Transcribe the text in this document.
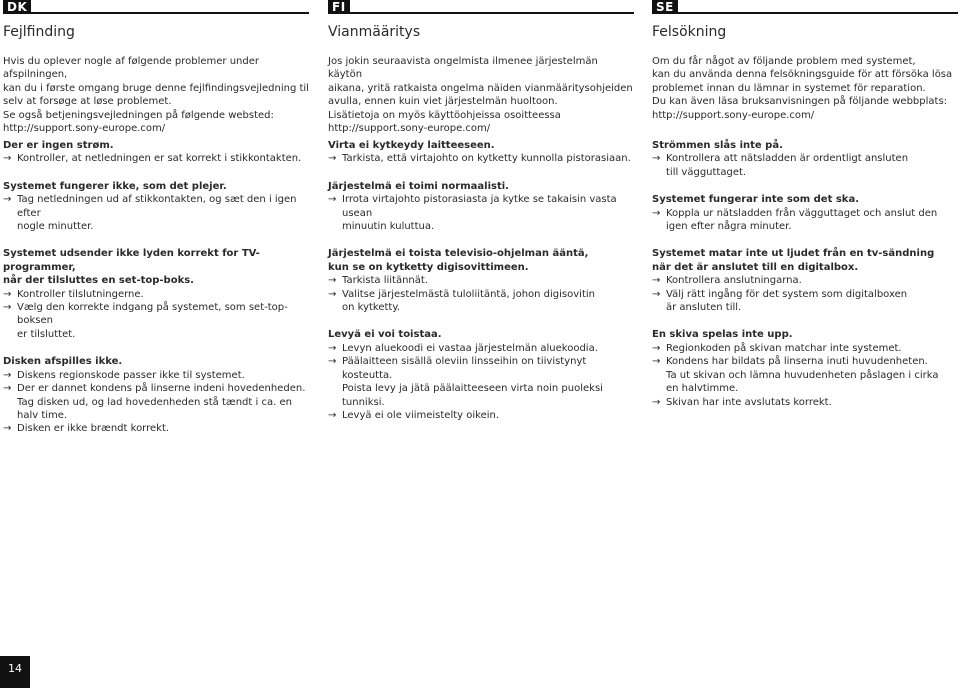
DK
Fejlfinding

Hvis du oplever nogle af følgende problemer under afspilningen,

kan du i første omgang bruge denne fejlfindingsvejledning til

selv at forsøge at løse problemet.

Se også betjeningsvejledningen på følgende websted:

http://support.sony-europe.com/

Der er ingen strøm.
→ Kontroller, at netledningen er sat korrekt i stikkontakten.
Systemet fungerer ikke, som det plejer.
→ Tag netledningen ud af stikkontakten, og sæt den i igen efter
nogle minutter.
Systemet udsender ikke lyden korrekt for TV-programmer,
når der tilsluttes en set-top-boks.
→ Kontroller tilslutningerne.
→ Vælg den korrekte indgang på systemet, som set-top-boksen
er tilsluttet.
Disken afspilles ikke.
→ Diskens regionskode passer ikke til systemet.
→ Der er dannet kondens på linserne indeni hovedenheden.
Tag disken ud, og lad hovedenheden stå tændt i ca. en
halv time.
→ Disken er ikke brændt korrekt.
FI
Vianmääritys

Jos jokin seuraavista ongelmista ilmenee järjestelmän käytön

aikana, yritä ratkaista ongelma näiden vianmääritysohjeiden

avulla, ennen kuin viet järjestelmän huoltoon.

Lisätietoja on myös käyttöohjeissa osoitteessa

http://support.sony-europe.com/

Virta ei kytkeydy laitteeseen.
→ Tarkista, että virtajohto on kytketty kunnolla pistorasiaan.
Järjestelmä ei toimi normaalisti.
→ Irrota virtajohto pistorasiasta ja kytke se takaisin vasta usean
minuutin kuluttua.
Järjestelmä ei toista televisio-ohjelman ääntä,
kun se on kytketty digisovittimeen.
→ Tarkista liitännät.
→ Valitse järjestelmästä tuloliitäntä, johon digisovitin
on kytketty.
Levyä ei voi toistaa.
→ Levyn aluekoodi ei vastaa järjestelmän aluekoodia.
→ Päälaitteen sisällä oleviin linsseihin on tiivistynyt kosteutta.
Poista levy ja jätä päälaitteeseen virta noin puoleksi tunniksi.
→ Levyä ei ole viimeistelty oikein.
SE
Felsökning

Om du får något av följande problem med systemet,

kan du använda denna felsökningsguide för att försöka lösa

problemet innan du lämnar in systemet för reparation.

Du kan även läsa bruksanvisningen på följande webbplats:

http://support.sony-europe.com/

Strömmen slås inte på.
→ Kontrollera att nätsladden är ordentligt ansluten
till vägguttaget.
Systemet fungerar inte som det ska.
→ Koppla ur nätsladden från vägguttaget och anslut den
igen efter några minuter.
Systemet matar inte ut ljudet från en tv-sändning
när det är anslutet till en digitalbox.
→ Kontrollera anslutningarna.
→ Välj rätt ingång för det system som digitalboxen
är ansluten till.
En skiva spelas inte upp.
→ Regionkoden på skivan matchar inte systemet.
→ Kondens har bildats på linserna inuti huvudenheten.
Ta ut skivan och lämna huvudenheten påslagen i cirka
en halvtimme.
→ Skivan har inte avslutats korrekt.
14
